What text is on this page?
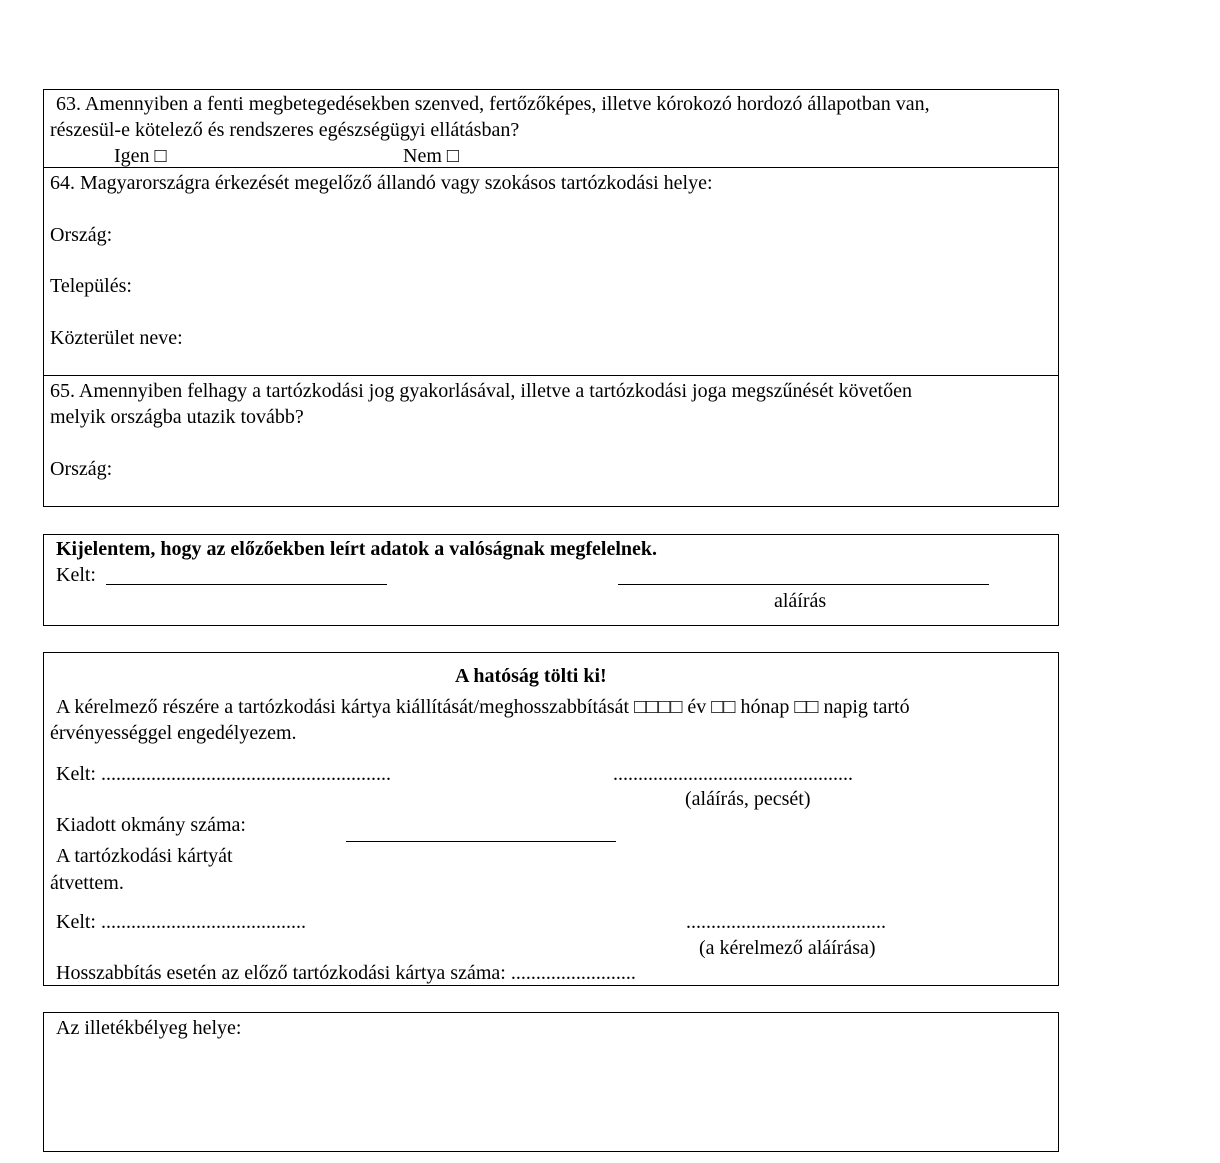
63. Amennyiben a fenti megbetegedésekben szenved, fertőzőképes, illetve kórokozó hordozó állapotban van,
részesül-e kötelező és rendszeres egészségügyi ellátásban?
Igen □	Nem □
64. Magyarországra érkezését megelőző állandó vagy szokásos tartózkodási helye:
Ország:
Település:
Közterület neve:
65. Amennyiben felhagy a tartózkodási jog gyakorlásával, illetve a tartózkodási joga megszűnését követően
melyik országba utazik tovább?
Ország:
Kijelentem, hogy az előzőekben leírt adatok a valóságnak megfelelnek.
Kelt:
aláírás
A hatóság tölti ki!
A kérelmező részére a tartózkodási kártya kiállítását/meghosszabbítását □□□□ év □□ hónap □□ napig tartó
érvényességgel engedélyezem.
Kelt: ..........................................................	................................................
(aláírás, pecsét)
Kiadott okmány száma:
A tartózkodási kártyát
átvettem.
Kelt: .........................................	........................................
(a kérelmező aláírása)
Hosszabbítás esetén az előző tartózkodási kártya száma: .........................
Az illetékbélyeg helye:
